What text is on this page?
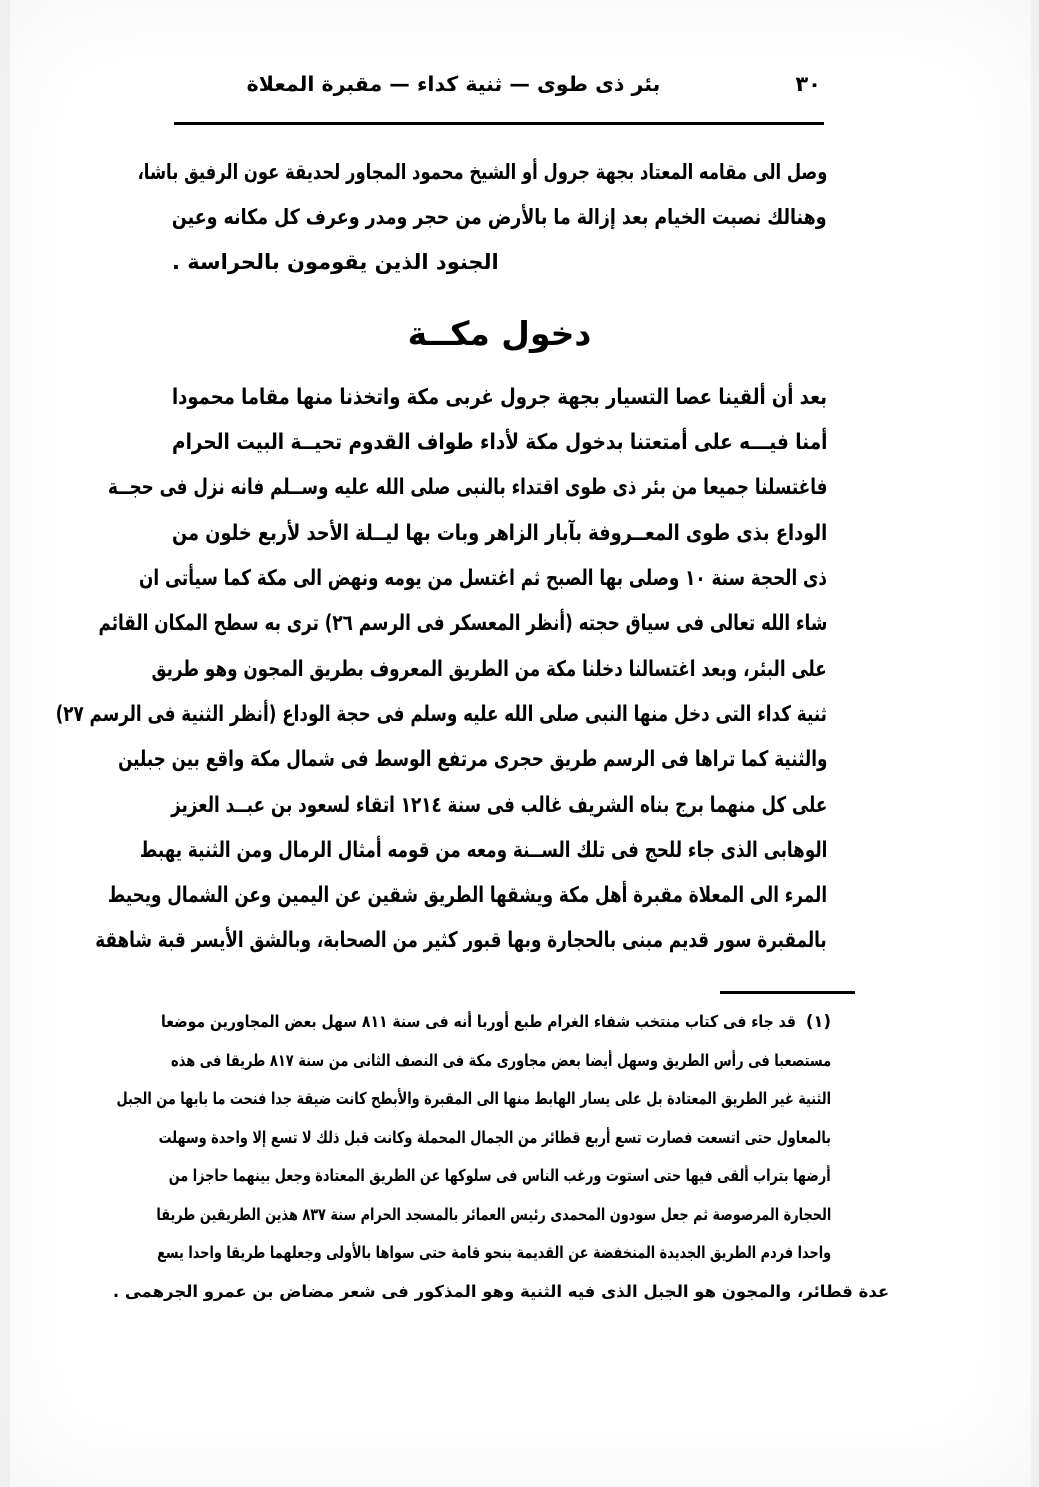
٣٠
بئر ذى طوى — ثنية كداء — مقبرة المعلاة
وصل الى مقامه المعتاد بجهة جرول أو الشيخ محمود المجاور لحديقة عون الرفيق باشا،
وهنالك نصبت الخيام بعد إزالة ما بالأرض من حجر ومدر وعرف كل مكانه وعين
الجنود الذين يقومون بالحراسة .
دخول مكــة
بعد أن ألقينا عصا التسيار بجهة جرول غربى مكة واتخذنا منها مقاما محمودا
أمنا فيـــه على أمتعتنا بدخول مكة لأداء طواف القدوم تحيــة البيت الحرام
فاغتسلنا جميعا من بئر ذى طوى اقتداء بالنبى صلى الله عليه وســلم فانه نزل فى حجــة
الوداع بذى طوى المعــروفة بآبار الزاهر وبات بها ليــلة الأحد لأربع خلون من
ذى الحجة سنة ١٠ وصلى بها الصبح ثم اغتسل من يومه ونهض الى مكة كما سيأتى ان
شاء الله تعالى فى سياق حجته (أنظر المعسكر فى الرسم ٢٦) ترى به سطح المكان القائم
على البئر، وبعد اغتسالنا دخلنا مكة من الطريق المعروف بطريق المجون وهو طريق
ثنية كداء التى دخل منها النبى صلى الله عليه وسلم فى حجة الوداع (أنظر الثنية فى الرسم ٢٧)
والثنية كما تراها فى الرسم طريق حجرى مرتفع الوسط فى شمال مكة واقع بين جبلين
على كل منهما برج بناه الشريف غالب فى سنة ١٢١٤ اتقاء لسعود بن عبــد العزيز
الوهابى الذى جاء للحج فى تلك الســنة ومعه من قومه أمثال الرمال ومن الثنية يهبط
المرء الى المعلاة مقبرة أهل مكة ويشقها الطريق شقين عن اليمين وعن الشمال ويحيط
بالمقبرة سور قديم مبنى بالحجارة وبها قبور كثير من الصحابة، وبالشق الأيسر قبة شاهقة
(١)
قد جاء فى كتاب منتخب شفاء الغرام طبع أوربا أنه فى سنة ٨١١ سهل بعض المجاورين موضعا
مستصعبا فى رأس الطريق وسهل أيضا بعض مجاورى مكة فى النصف الثانى من سنة ٨١٧ طريقا فى هذه
الثنية غير الطريق المعتادة بل على يسار الهابط منها الى المقبرة والأبطح كانت ضيقة جدا فنحت ما بابها من الجبل
بالمعاول حتى اتسعت فصارت تسع أربع قطائر من الجمال المحملة وكانت قبل ذلك لا تسع إلا واحدة وسهلت
أرضها بتراب ألقى فيها حتى استوت ورغب الناس فى سلوكها عن الطريق المعتادة وجعل بينهما حاجزا من
الحجارة المرصوصة ثم جعل سودون المحمدى رئيس العمائر بالمسجد الحرام سنة ٨٣٧ هذين الطريقين طريقا
واحدا فردم الطريق الجديدة المنخفضة عن القديمة بنحو قامة حتى سواها بالأولى وجعلهما طريقا واحدا يسع
عدة قطائر، والمجون هو الجبل الذى فيه الثنية وهو المذكور فى شعر مضاض بن عمرو الجرهمى .
